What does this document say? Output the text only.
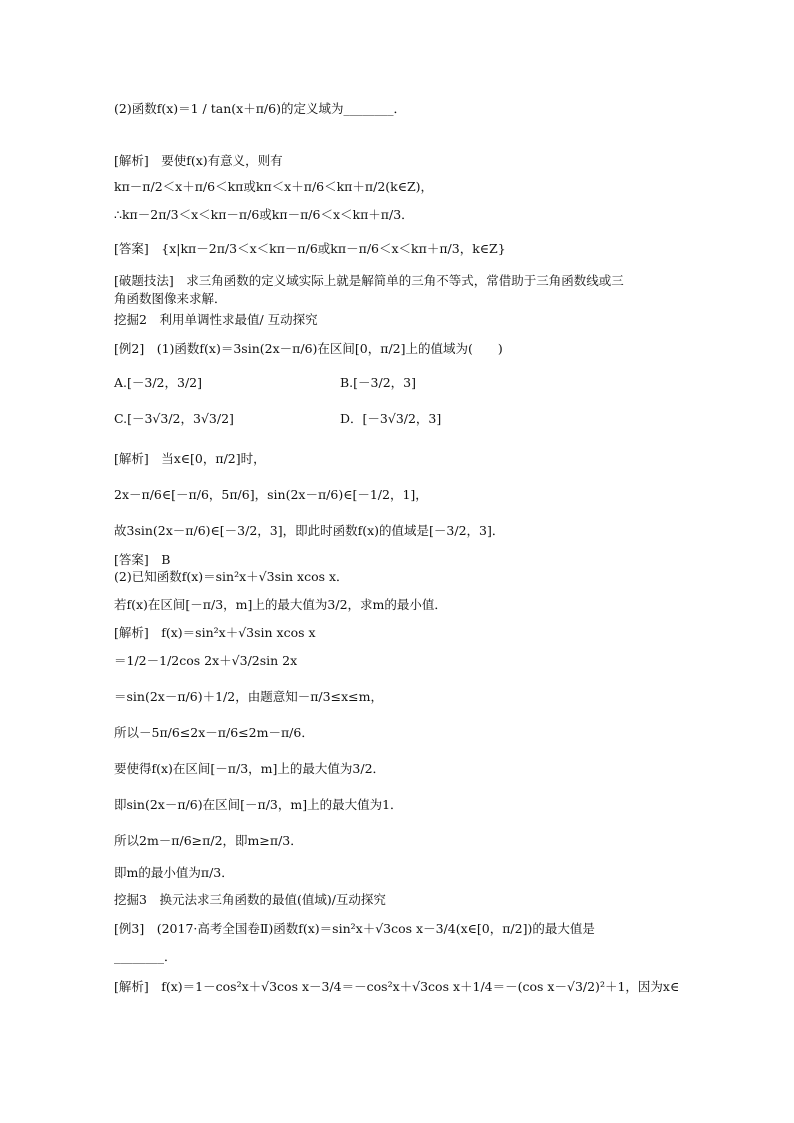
(2)函数f(x)＝1 / tan(x＋π/6)的定义域为________．
[解析]　要使f(x)有意义，则有
kπ－π/2＜x＋π/6＜kπ或kπ＜x＋π/6＜kπ＋π/2(k∈Z)，
∴kπ－2π/3＜x＜kπ－π/6或kπ－π/6＜x＜kπ＋π/3．
[答案]　{x|kπ－2π/3＜x＜kπ－π/6或kπ－π/6＜x＜kπ＋π/3，k∈Z}
[破题技法]　求三角函数的定义域实际上就是解简单的三角不等式，常借助于三角函数线或三
角函数图像来求解．
挖掘2　利用单调性求最值/ 互动探究
[例2]　(1)函数f(x)＝3sin(2x－π/6)在区间[0，π/2]上的值域为(　　)
A.[－3/2，3/2]	B.[－3/2，3]
C.[－3√3/2，3√3/2]	D．[－3√3/2，3]
[解析]　当x∈[0，π/2]时，
2x－π/6∈[－π/6，5π/6]，sin(2x－π/6)∈[－1/2，1]，
故3sin(2x－π/6)∈[－3/2，3]，即此时函数f(x)的值域是[－3/2，3]．
[答案]　B
(2)已知函数f(x)＝sin²x＋√3sin xcos x．
若f(x)在区间[－π/3，m]上的最大值为3/2，求m的最小值．
[解析]　f(x)＝sin²x＋√3sin xcos x
＝1/2－1/2cos 2x＋√3/2sin 2x
＝sin(2x－π/6)＋1/2，由题意知－π/3≤x≤m，
所以－5π/6≤2x－π/6≤2m－π/6．
要使得f(x)在区间[－π/3，m]上的最大值为3/2．
即sin(2x－π/6)在区间[－π/3，m]上的最大值为1．
所以2m－π/6≥π/2，即m≥π/3．
即m的最小值为π/3．
挖掘3　换元法求三角函数的最值(值域)/互动探究
[例3]　(2017·高考全国卷Ⅱ)函数f(x)＝sin²x＋√3cos x－3/4(x∈[0，π/2])的最大值是
________．
[解析]　f(x)＝1－cos²x＋√3cos x－3/4＝－cos²x＋√3cos x＋1/4＝－(cos x－√3/2)²＋1，因为x∈
